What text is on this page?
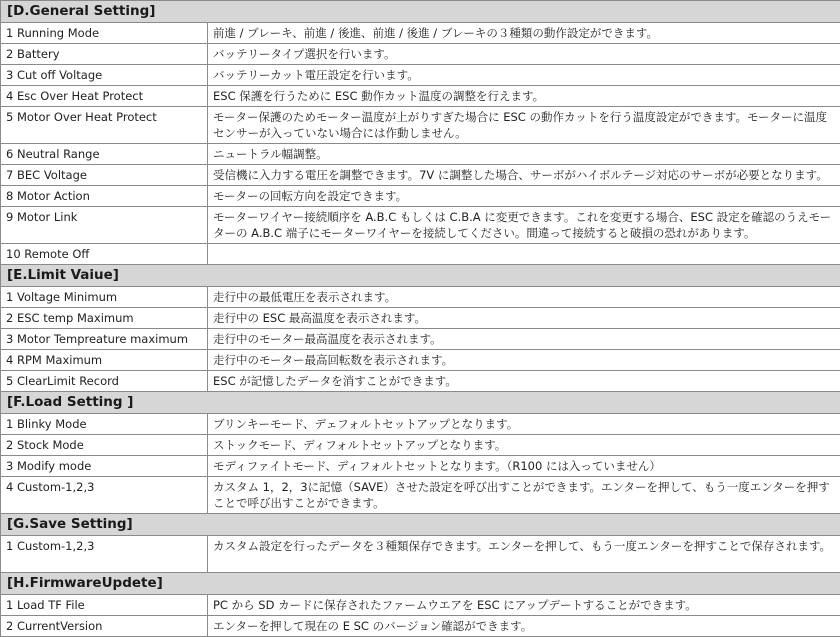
[D.General Setting]	
1 Running Mode	前進 / ブレーキ、前進 / 後進、前進 / 後進 / ブレーキの３種類の動作設定ができます。
2 Battery	バッテリータイプ選択を行います。
3 Cut off Voltage	バッテリーカット電圧設定を行います。
4 Esc Over Heat Protect	ESC 保護を行うために ESC 動作カット温度の調整を行えます。
5 Motor Over Heat Protect	モーター保護のためモーター温度が上がりすぎた場合に ESC の動作カットを行う温度設定ができます。モーターに温度センサーが入っていない場合には作動しません。
6 Neutral Range	ニュートラル幅調整。
7 BEC Voltage	受信機に入力する電圧を調整できます。7V に調整した場合、サーボがハイボルテージ対応のサーボが必要となります。
8 Motor Action	モーターの回転方向を設定できます。
9 Motor Link	モーターワイヤー接続順序を A.B.C もしくは C.B.A に変更できます。これを変更する場合、ESC 設定を確認のうえモーターの A.B.C 端子にモーターワイヤーを接続してください。間違って接続すると破損の恐れがあります。
10 Remote Off	
[E.Limit Vaiue]	
1 Voltage Minimum	走行中の最低電圧を表示されます。
2 ESC temp Maximum	走行中の ESC 最高温度を表示されます。
3 Motor Tempreature maximum	走行中のモーター最高温度を表示されます。
4 RPM Maximum	走行中のモーター最高回転数を表示されます。
5 ClearLimit Record	ESC が記憶したデータを消すことができます。
[F.Load Setting ]	
1 Blinky Mode	ブリンキーモード、デェフォルトセットアップとなります。
2 Stock Mode	ストックモード、ディフォルトセットアップとなります。
3 Modify mode	モディファイトモード、ディフォルトセットとなります。（R100 には入っていません）
4 Custom-1,2,3	カスタム 1，2，3に記憶（SAVE）させた設定を呼び出すことができます。エンターを押して、もう一度エンターを押すことで呼び出すことができます。
[G.Save Setting]	
1 Custom-1,2,3	カスタム設定を行ったデータを３種類保存できます。エンターを押して、もう一度エンターを押すことで保存されます。
[H.FirmwareUpdete]	
1 Load TF File	PC から SD カードに保存されたファームウエアを ESC にアップデートすることができます。
2 CurrentVersion	エンターを押して現在の E SC のバージョン確認ができます。
